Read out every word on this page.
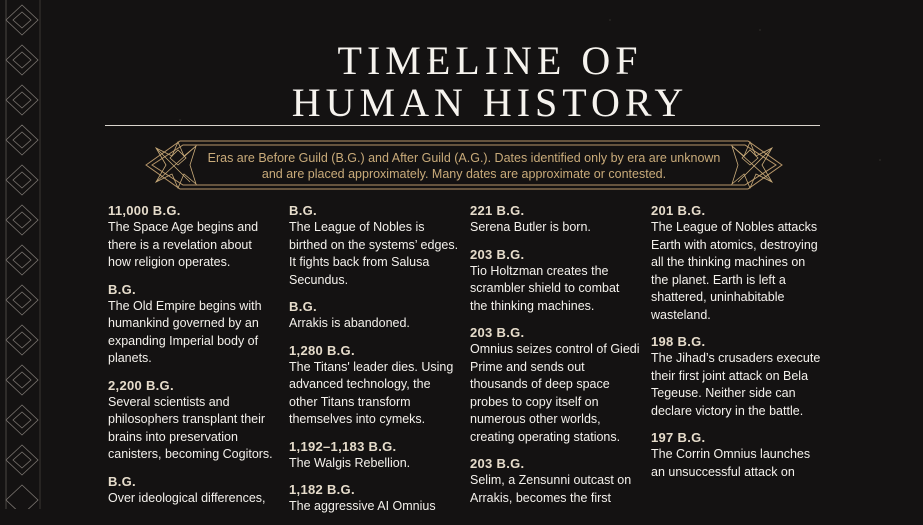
TIMELINE OF
HUMAN HISTORY
Eras are Before Guild (B.G.) and After Guild (A.G.). Dates identified only by era are unknown and are placed approximately. Many dates are approximate or contested.
11,000 B.G.
The Space Age begins and there is a revelation about how religion operates.
B.G.
The Old Empire begins with humankind governed by an expanding Imperial body of planets.
2,200 B.G.
Several scientists and philosophers transplant their brains into preservation canisters, becoming Cogitors.
B.G.
Over ideological differences,
B.G.
The League of Nobles is birthed on the systems’ edges. It fights back from Salusa Secundus.
B.G.
Arrakis is abandoned.
1,280 B.G.
The Titans' leader dies. Using advanced technology, the other Titans transform themselves into cymeks.
1,192–1,183 B.G.
The Walgis Rebellion.
1,182 B.G.
The aggressive AI Omnius
221 B.G.
Serena Butler is born.
203 B.G.
Tio Holtzman creates the scrambler shield to combat the thinking machines.
203 B.G.
Omnius seizes control of Giedi Prime and sends out thousands of deep space probes to copy itself on numerous other worlds, creating operating stations.
203 B.G.
Selim, a Zensunni outcast on Arrakis, becomes the first
201 B.G.
The League of Nobles attacks Earth with atomics, destroying all the thinking machines on the planet. Earth is left a shattered, uninhabitable wasteland.
198 B.G.
The Jihad’s crusaders execute their first joint attack on Bela Tegeuse. Neither side can declare victory in the battle.
197 B.G.
The Corrin Omnius launches an unsuccessful attack on
